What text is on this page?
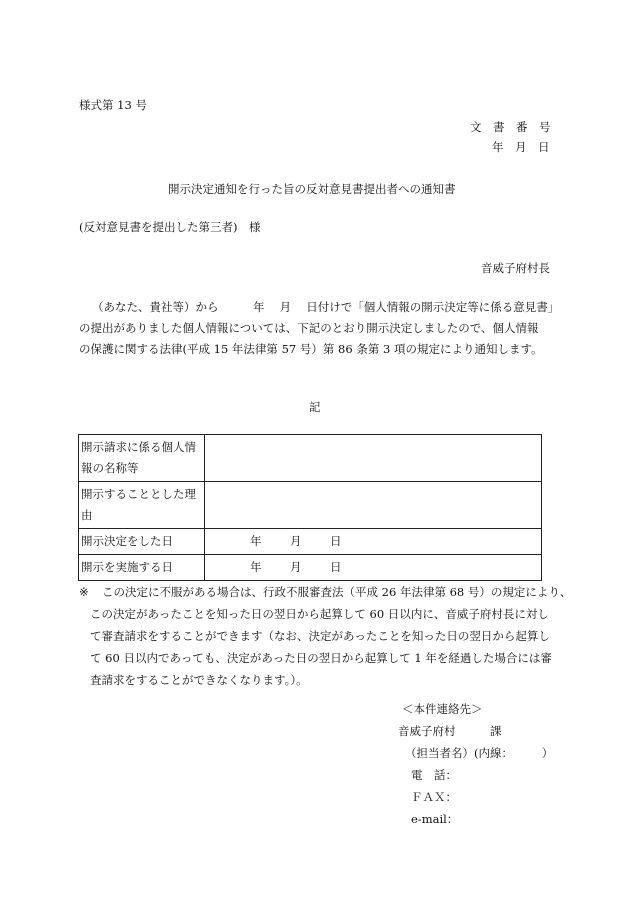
様式第 13 号
文　書　番　号
年　月　日
開示決定通知を行った旨の反対意見書提出者への通知書
(反対意見書を提出した第三者)　様
音威子府村長
（あなた、貴社等）から　　　年　 月　 日付けで「個人情報の開示決定等に係る意見書」
の提出がありました個人情報については、下記のとおり開示決定しましたので、個人情報
の保護に関する法律(平成 15 年法律第 57 号）第 86 条第 3 項の規定により通知します。
記
開示請求に係る個人情
報の名称等	

開示することとした理
由	

開示決定をした日	年 月 日
開示を実施する日	年 月 日
※ この決定に不服がある場合は、行政不服審査法（平成 26 年法律第 68 号）の規定により、
この決定があったことを知った日の翌日から起算して 60 日以内に、音威子府村長に対し
て審査請求をすることができます（なお、決定があったことを知った日の翌日から起算し
て 60 日以内であっても、決定があった日の翌日から起算して 1 年を経過した場合には審
査請求をすることができなくなります。）。
＜本件連絡先＞
音威子府村　　　課
（担当者名）(内線：　　　）
電　話：
ＦＡＸ：
e-mail：
